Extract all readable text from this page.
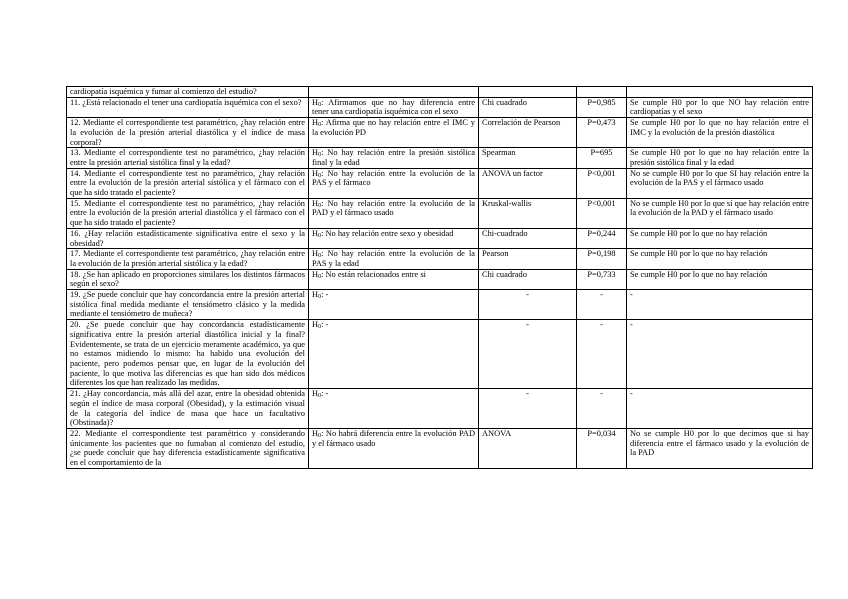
cardiopatía isquémica y fumar al comienzo del estudio?				
11. ¿Está relacionado el tener una cardiopatía isquémica con el sexo?	$H_0$: Afirmamos que no hay diferencia entre tener una cardiopatía isquémica con el sexo	Chi cuadrado	P=0,985	Se cumple H0 por lo que NO hay relación entre cardiopatías y el sexo
12. Mediante el correspondiente test paramétrico, ¿hay relación entre la evolución de la presión arterial diastólica y el índice de masa corporal?	$H_0$: Afirma que no hay relación entre el IMC y la evolución PD	Correlación de Pearson	P=0,473	Se cumple H0 por lo que no hay relación entre el IMC y la evolución de la presión diastólica
13. Mediante el correspondiente test no paramétrico, ¿hay relación entre la presión arterial sistólica final y la edad?	$H_0$: No hay relación entre la presión sistólica final y la edad	Spearman	P=695	Se cumple H0 por lo que no hay relación entre la presión sistólica final y la edad
14. Mediante el correspondiente test no paramétrico, ¿hay relación entre la evolución de la presión arterial sistólica y el fármaco con el que ha sido tratado el paciente?	$H_0$: No hay relación entre la evolución de la PAS y el fármaco	ANOVA un factor	P<0,001	No se cumple H0 por lo que SI hay relación entre la evolución de la PAS y el fármaco usado
15. Mediante el correspondiente test no paramétrico, ¿hay relación entre la evolución de la presión arterial diastólica y el fármaco con el que ha sido tratado el paciente?	$H_0$: No hay relación entre la evolución de la PAD y el fármaco usado	Kruskal-wallis	P<0,001	No se cumple H0 por lo que sí que hay relación entre la evolución de la PAD y el fármaco usado
16. ¿Hay relación estadísticamente significativa entre el sexo y la obesidad?	$H_0$: No hay relación entre sexo y obesidad	Chi-cuadrado	P=0,244	Se cumple H0 por lo que no hay relación
17. Mediante el correspondiente test paramétrico, ¿hay relación entre la evolución de la presión arterial sistólica y la edad?	$H_0$: No hay relación entre la evolución de la PAS y la edad	Pearson	P=0,198	Se cumple H0 por lo que no hay relación
18. ¿Se han aplicado en proporciones similares los distintos fármacos según el sexo?	$H_0$: No están relacionados entre si	Chi cuadrado	P=0,733	Se cumple H0 por lo que no hay relación
19. ¿Se puede concluir que hay concordancia entre la presión arterial sistólica final medida mediante el tensiómetro clásico y la medida mediante el tensiómetro de muñeca?	$H_0$: -	-	-	-
20. ¿Se puede concluir que hay concordancia estadísticamente significativa entre la presión arterial diastólica inicial y la final? Evidentemente, se trata de un ejercicio meramente académico, ya que no estamos midiendo lo mismo: ha habido una evolución del paciente, pero podemos pensar que, en lugar de la evolución del paciente, lo que motiva las diferencias es que han sido dos médicos diferentes los que han realizado las medidas.	$H_0$: -	-	-	-
21. ¿Hay concordancia, más allá del azar, entre la obesidad obtenida según el índice de masa corporal (Obesidad), y la estimación visual de la categoría del índice de masa que hace un facultativo (Obstinada)?	$H_0$: -	-	-	-
22. Mediante el correspondiente test paramétrico y considerando únicamente los pacientes que no fumaban al comienzo del estudio, ¿se puede concluir que hay diferencia estadísticamente significativa en el comportamiento de la	$H_0$: No habrá diferencia entre la evolución PAD y el fármaco usado	ANOVA	P=0,034	No se cumple H0 por lo que decimos que si hay diferencia entre el fármaco usado y la evolución de la PAD
